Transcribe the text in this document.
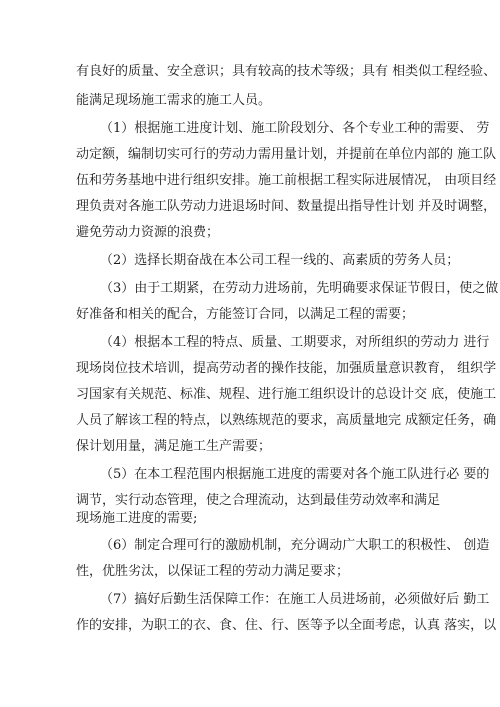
有良好的质量、安全意识；具有较高的技术等级；具有 相类似工程经验、
能满足现场施工需求的施工人员。
（1）根据施工进度计划、施工阶段划分、各个专业工种的需要、 劳
动定额，编制切实可行的劳动力需用量计划，并提前在单位内部的 施工队
伍和劳务基地中进行组织安排。施工前根据工程实际进展情况， 由项目经
理负责对各施工队劳动力进退场时间、数量提出指导性计划 并及时调整，
避免劳动力资源的浪费；
（2）选择长期奋战在本公司工程一线的、高素质的劳务人员；
（3）由于工期紧，在劳动力进场前，先明确要求保证节假日，使之做
好准备和相关的配合，方能签订合同，以满足工程的需要；
（4）根据本工程的特点、质量、工期要求，对所组织的劳动力 进行
现场岗位技术培训，提高劳动者的操作技能，加强质量意识教育， 组织学
习国家有关规范、标准、规程、进行施工组织设计的总设计交 底，使施工
人员了解该工程的特点，以熟练规范的要求，高质量地完 成额定任务，确
保计划用量，满足施工生产需要；
（5）在本工程范围内根据施工进度的需要对各个施工队进行必 要的
调节，实行动态管理，使之合理流动，达到最佳劳动效率和满足
现场施工进度的需要;
（6）制定合理可行的激励机制，充分调动广大职工的积极性、 创造
性，优胜劣汰，以保证工程的劳动力满足要求；
（7）搞好后勤生活保障工作：在施工人员进场前，必须做好后 勤工
作的安排，为职工的衣、食、住、行、医等予以全面考虑，认真 落实，以
